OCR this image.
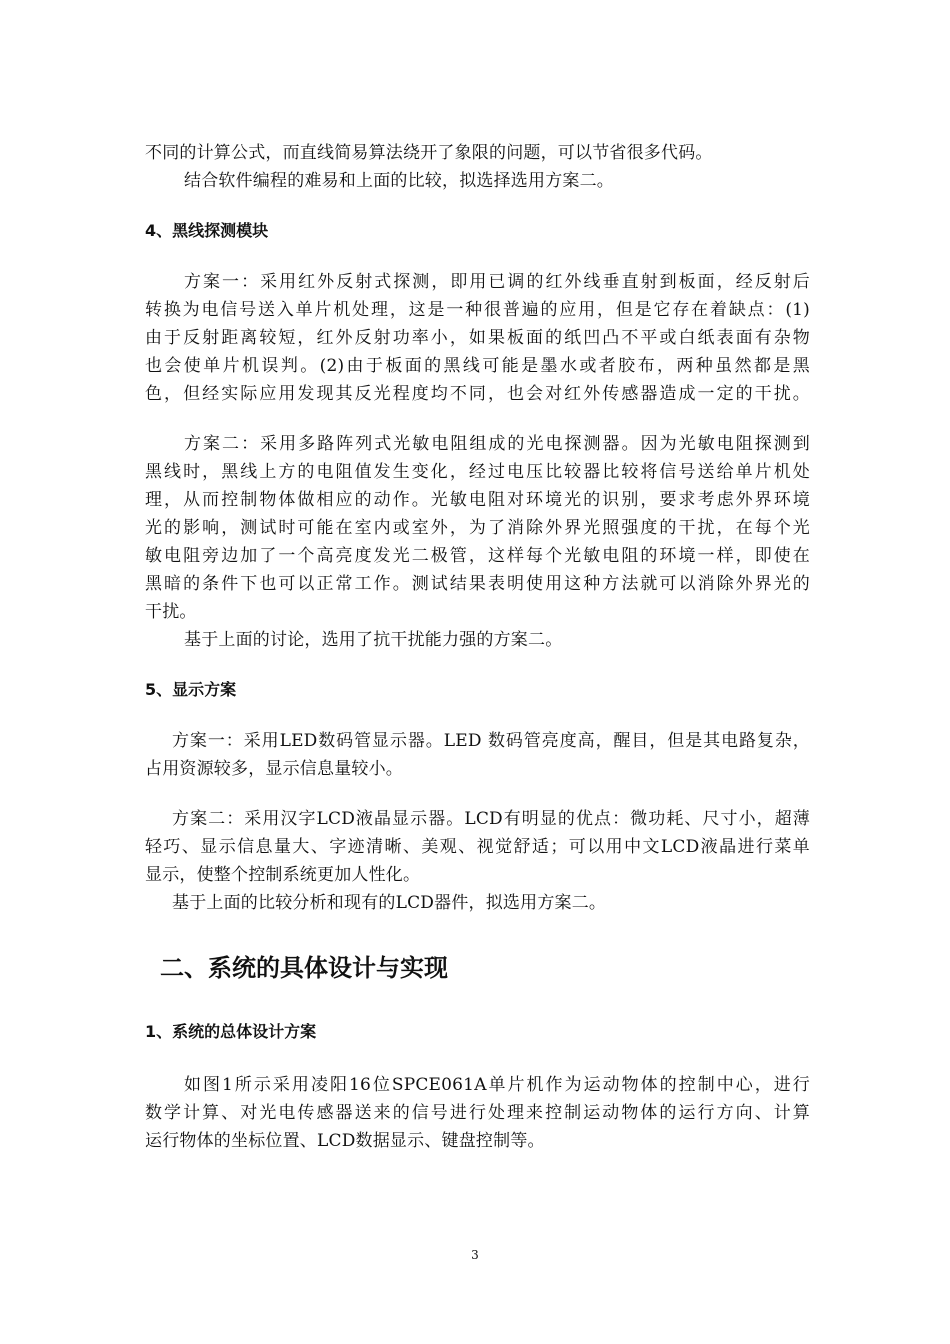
不同的计算公式，而直线简易算法绕开了象限的问题，可以节省很多代码。
结合软件编程的难易和上面的比较，拟选择选用方案二。
4、黑线探测模块
方案一：采用红外反射式探测，即用已调的红外线垂直射到板面，经反射后
转换为电信号送入单片机处理，这是一种很普遍的应用，但是它存在着缺点：(1)
由于反射距离较短，红外反射功率小，如果板面的纸凹凸不平或白纸表面有杂物
也会使单片机误判。(2)由于板面的黑线可能是墨水或者胶布，两种虽然都是黑
色，但经实际应用发现其反光程度均不同，也会对红外传感器造成一定的干扰。
方案二：采用多路阵列式光敏电阻组成的光电探测器。因为光敏电阻探测到
黑线时，黑线上方的电阻值发生变化，经过电压比较器比较将信号送给单片机处
理，从而控制物体做相应的动作。光敏电阻对环境光的识别，要求考虑外界环境
光的影响，测试时可能在室内或室外，为了消除外界光照强度的干扰，在每个光
敏电阻旁边加了一个高亮度发光二极管，这样每个光敏电阻的环境一样，即使在
黑暗的条件下也可以正常工作。测试结果表明使用这种方法就可以消除外界光的
干扰。
基于上面的讨论，选用了抗干扰能力强的方案二。
5、显示方案
方案一：采用LED数码管显示器。LED 数码管亮度高，醒目，但是其电路复杂，
占用资源较多，显示信息量较小。
方案二：采用汉字LCD液晶显示器。LCD有明显的优点：微功耗、尺寸小，超薄
轻巧、显示信息量大、字迹清晰、美观、视觉舒适；可以用中文LCD液晶进行菜单
显示，使整个控制系统更加人性化。
基于上面的比较分析和现有的LCD器件，拟选用方案二。
二、系统的具体设计与实现
1、系统的总体设计方案
如图1所示采用凌阳16位SPCE061A单片机作为运动物体的控制中心，进行
数学计算、对光电传感器送来的信号进行处理来控制运动物体的运行方向、计算
运行物体的坐标位置、LCD数据显示、键盘控制等。
3
